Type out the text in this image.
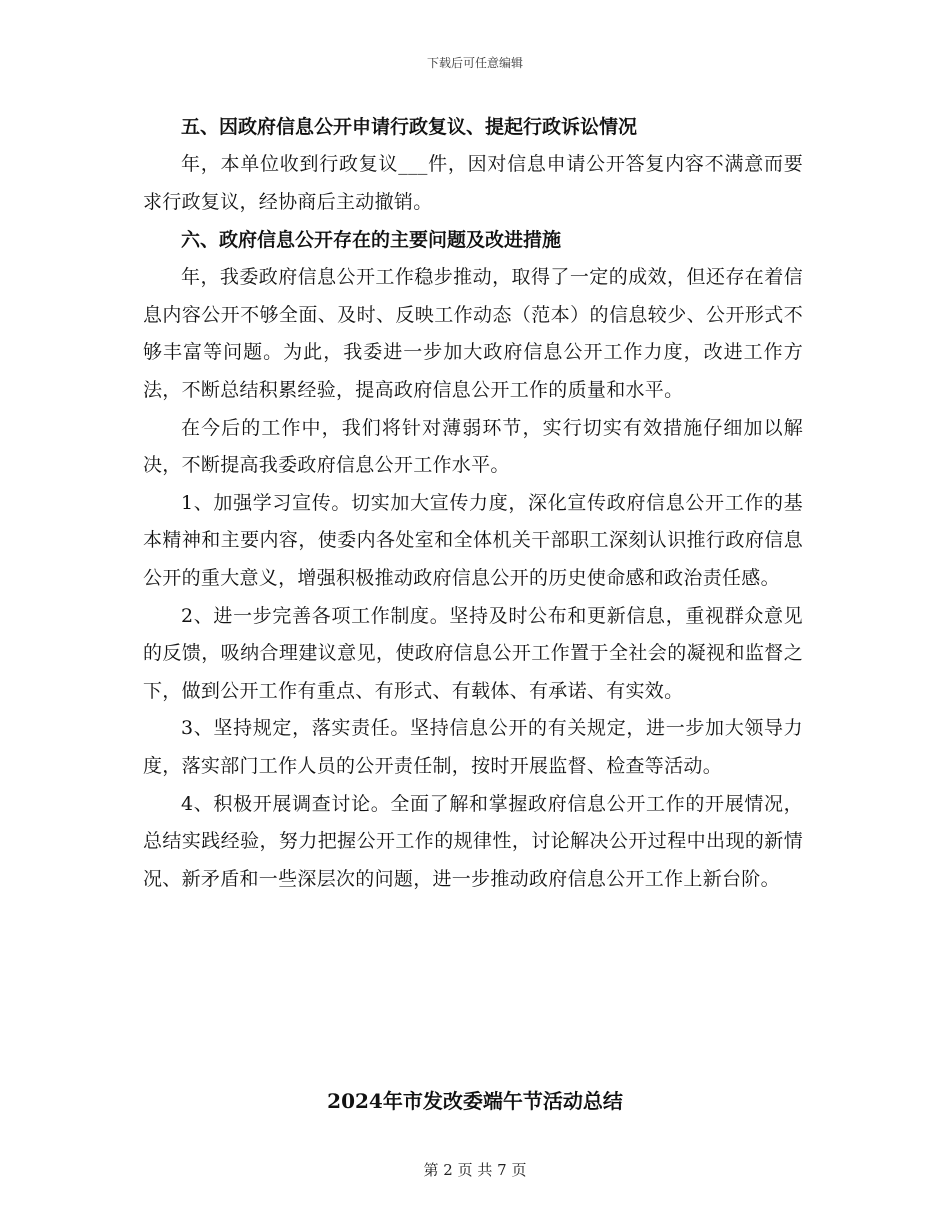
下载后可任意编辑

五、因政府信息公开申请行政复议、提起行政诉讼情况

年，本单位收到行政复议___件，因对信息申请公开答复内容不满意而要求行政复议，经协商后主动撤销。

六、政府信息公开存在的主要问题及改进措施

年，我委政府信息公开工作稳步推动，取得了一定的成效，但还存在着信息内容公开不够全面、及时、反映工作动态（范本）的信息较少、公开形式不够丰富等问题。为此，我委进一步加大政府信息公开工作力度，改进工作方法，不断总结积累经验，提高政府信息公开工作的质量和水平。

在今后的工作中，我们将针对薄弱环节，实行切实有效措施仔细加以解决，不断提高我委政府信息公开工作水平。

1、加强学习宣传。切实加大宣传力度，深化宣传政府信息公开工作的基本精神和主要内容，使委内各处室和全体机关干部职工深刻认识推行政府信息公开的重大意义，增强积极推动政府信息公开的历史使命感和政治责任感。

2、进一步完善各项工作制度。坚持及时公布和更新信息，重视群众意见的反馈，吸纳合理建议意见，使政府信息公开工作置于全社会的凝视和监督之下，做到公开工作有重点、有形式、有载体、有承诺、有实效。

3、坚持规定，落实责任。坚持信息公开的有关规定，进一步加大领导力度，落实部门工作人员的公开责任制，按时开展监督、检查等活动。

4、积极开展调查讨论。全面了解和掌握政府信息公开工作的开展情况，总结实践经验，努力把握公开工作的规律性，讨论解决公开过程中出现的新情况、新矛盾和一些深层次的问题，进一步推动政府信息公开工作上新台阶。

2024年市发改委端午节活动总结
第 2 页 共 7 页
